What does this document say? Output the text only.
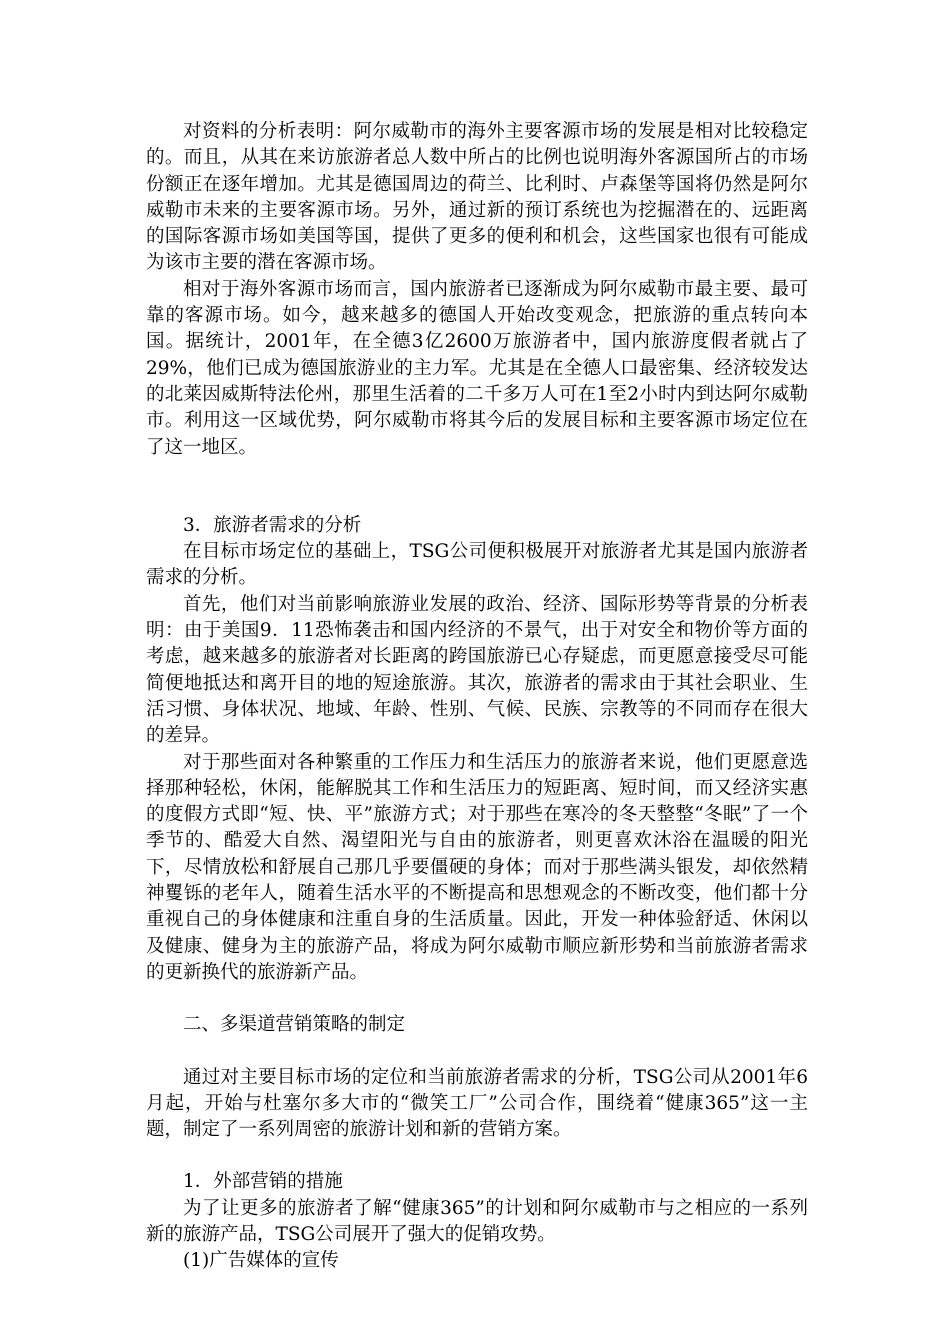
对资料的分析表明：阿尔威勒市的海外主要客源市场的发展是相对比较稳定的。而且，从其在来访旅游者总人数中所占的比例也说明海外客源国所占的市场份额正在逐年增加。尤其是德国周边的荷兰、比利时、卢森堡等国将仍然是阿尔威勒市未来的主要客源市场。另外，通过新的预订系统也为挖掘潜在的、远距离的国际客源市场如美国等国，提供了更多的便利和机会，这些国家也很有可能成为该市主要的潜在客源市场。

相对于海外客源市场而言，国内旅游者已逐渐成为阿尔威勒市最主要、最可靠的客源市场。如今，越来越多的德国人开始改变观念，把旅游的重点转向本国。据统计，2001年，在全德3亿2600万旅游者中，国内旅游度假者就占了29%，他们已成为德国旅游业的主力军。尤其是在全德人口最密集、经济较发达的北莱因威斯特法伦州，那里生活着的二千多万人可在1至2小时内到达阿尔威勒市。利用这一区域优势，阿尔威勒市将其今后的发展目标和主要客源市场定位在了这一地区。

3．旅游者需求的分析

在目标市场定位的基础上，TSG公司便积极展开对旅游者尤其是国内旅游者需求的分析。

首先，他们对当前影响旅游业发展的政治、经济、国际形势等背景的分析表明：由于美国9．11恐怖袭击和国内经济的不景气，出于对安全和物价等方面的考虑，越来越多的旅游者对长距离的跨国旅游已心存疑虑，而更愿意接受尽可能简便地抵达和离开目的地的短途旅游。其次，旅游者的需求由于其社会职业、生活习惯、身体状况、地域、年龄、性别、气候、民族、宗教等的不同而存在很大的差异。

对于那些面对各种繁重的工作压力和生活压力的旅游者来说，他们更愿意选择那种轻松，休闲，能解脱其工作和生活压力的短距离、短时间，而又经济实惠的度假方式即“短、快、平”旅游方式；对于那些在寒冷的冬天整整“冬眠”了一个季节的、酷爱大自然、渴望阳光与自由的旅游者，则更喜欢沐浴在温暖的阳光下，尽情放松和舒展自己那几乎要僵硬的身体；而对于那些满头银发，却依然精神矍铄的老年人，随着生活水平的不断提高和思想观念的不断改变，他们都十分重视自己的身体健康和注重自身的生活质量。因此，开发一种体验舒适、休闲以及健康、健身为主的旅游产品，将成为阿尔威勒市顺应新形势和当前旅游者需求的更新换代的旅游新产品。

二、多渠道营销策略的制定

通过对主要目标市场的定位和当前旅游者需求的分析，TSG公司从2001年6月起，开始与杜塞尔多大市的“微笑工厂”公司合作，围绕着“健康365”这一主题，制定了一系列周密的旅游计划和新的营销方案。

1．外部营销的措施

为了让更多的旅游者了解“健康365”的计划和阿尔威勒市与之相应的一系列新的旅游产品，TSG公司展开了强大的促销攻势。

(1)广告媒体的宣传
